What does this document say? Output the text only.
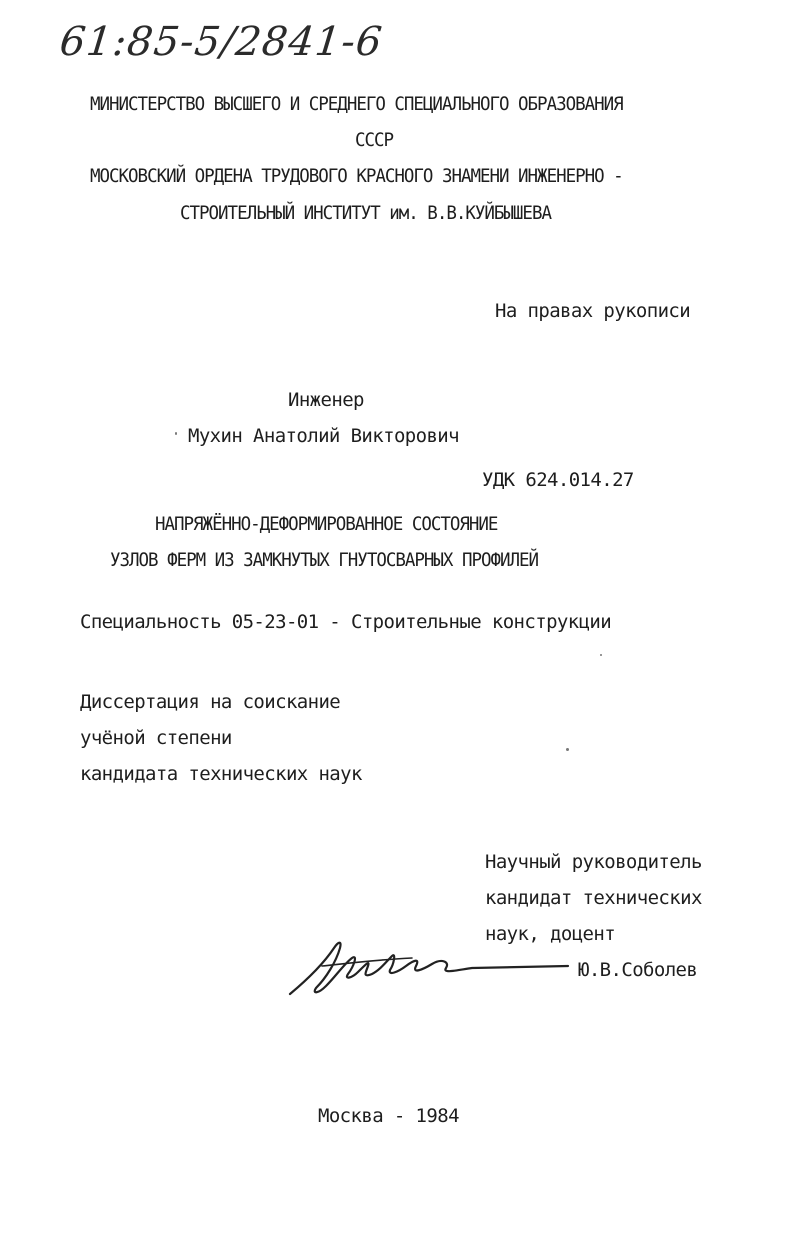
61:85-5/2841-6
МИНИСТЕРСТВО ВЫСШЕГО И СРЕДНЕГО СПЕЦИАЛЬНОГО ОБРАЗОВАНИЯ
СССР
МОСКОВСКИЙ ОРДЕНА ТРУДОВОГО КРАСНОГО ЗНАМЕНИ ИНЖЕНЕРНО -
СТРОИТЕЛЬНЫЙ ИНСТИТУТ им. В.В.КУЙБЫШЕВА
На правах рукописи
Инженер
Мухин Анатолий Викторович
УДК 624.014.27
НАПРЯЖЁННО-ДЕФОРМИРОВАННОЕ СОСТОЯНИЕ
УЗЛОВ ФЕРМ ИЗ ЗАМКНУТЫХ ГНУТОСВАРНЫХ ПРОФИЛЕЙ
Специальность 05-23-01 - Строительные конструкции
Диссертация на соискание
учёной степени
кандидата технических наук
Научный руководитель
кандидат технических
наук, доцент
Ю.В.Соболев
Москва - 1984
